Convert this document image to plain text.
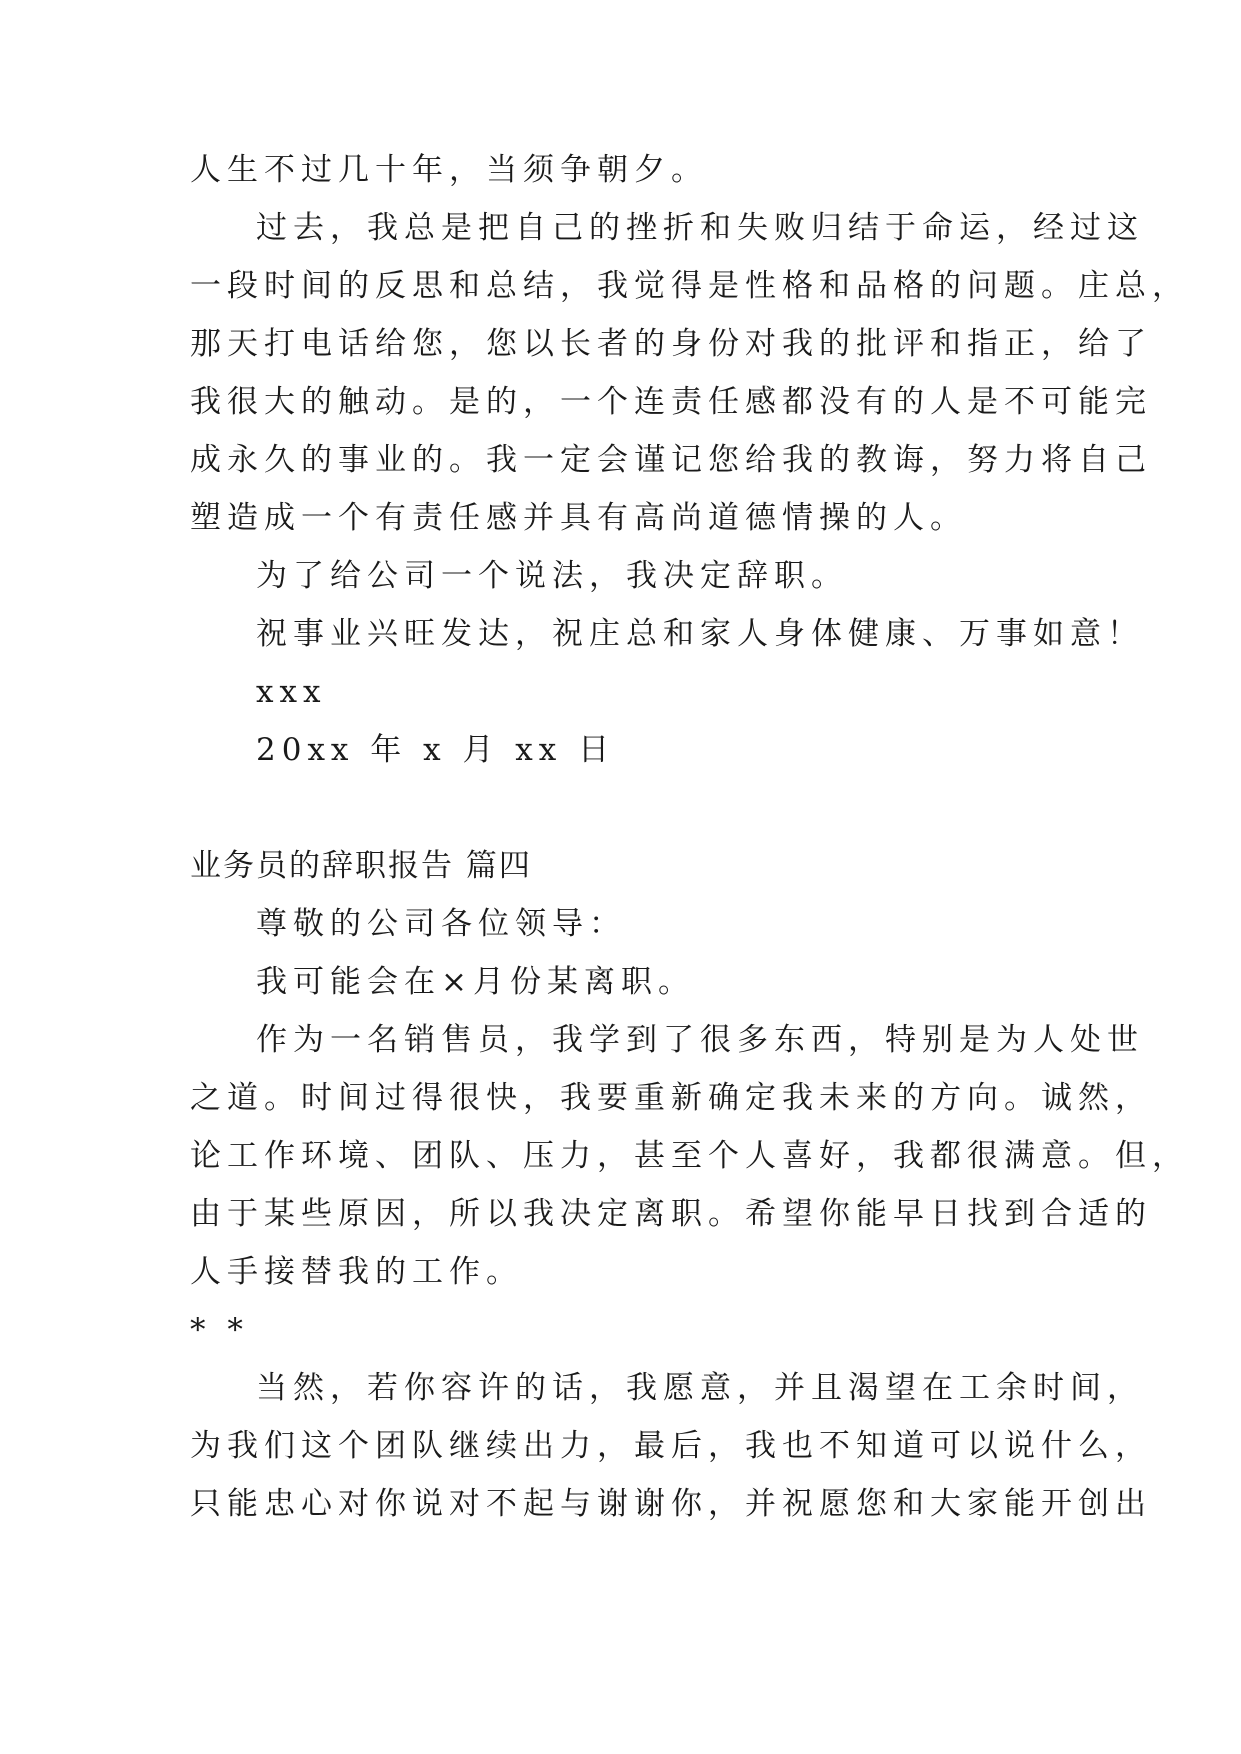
人生不过几十年，当须争朝夕。
过去，我总是把自己的挫折和失败归结于命运，经过这
一段时间的反思和总结，我觉得是性格和品格的问题。庄总，
那天打电话给您，您以长者的身份对我的批评和指正，给了
我很大的触动。是的，一个连责任感都没有的人是不可能完
成永久的事业的。我一定会谨记您给我的教诲，努力将自己
塑造成一个有责任感并具有高尚道德情操的人。
为了给公司一个说法，我决定辞职。
祝事业兴旺发达，祝庄总和家人身体健康、万事如意！
xxx
20xx 年 x 月 xx 日
业务员的辞职报告 篇四
尊敬的公司各位领导：
我可能会在×月份某离职。
作为一名销售员，我学到了很多东西，特别是为人处世
之道。时间过得很快，我要重新确定我未来的方向。诚然，
论工作环境、团队、压力，甚至个人喜好，我都很满意。但，
由于某些原因，所以我决定离职。希望你能早日找到合适的
人手接替我的工作。
* *
当然，若你容许的话，我愿意，并且渴望在工余时间，
为我们这个团队继续出力，最后，我也不知道可以说什么，
只能忠心对你说对不起与谢谢你，并祝愿您和大家能开创出
